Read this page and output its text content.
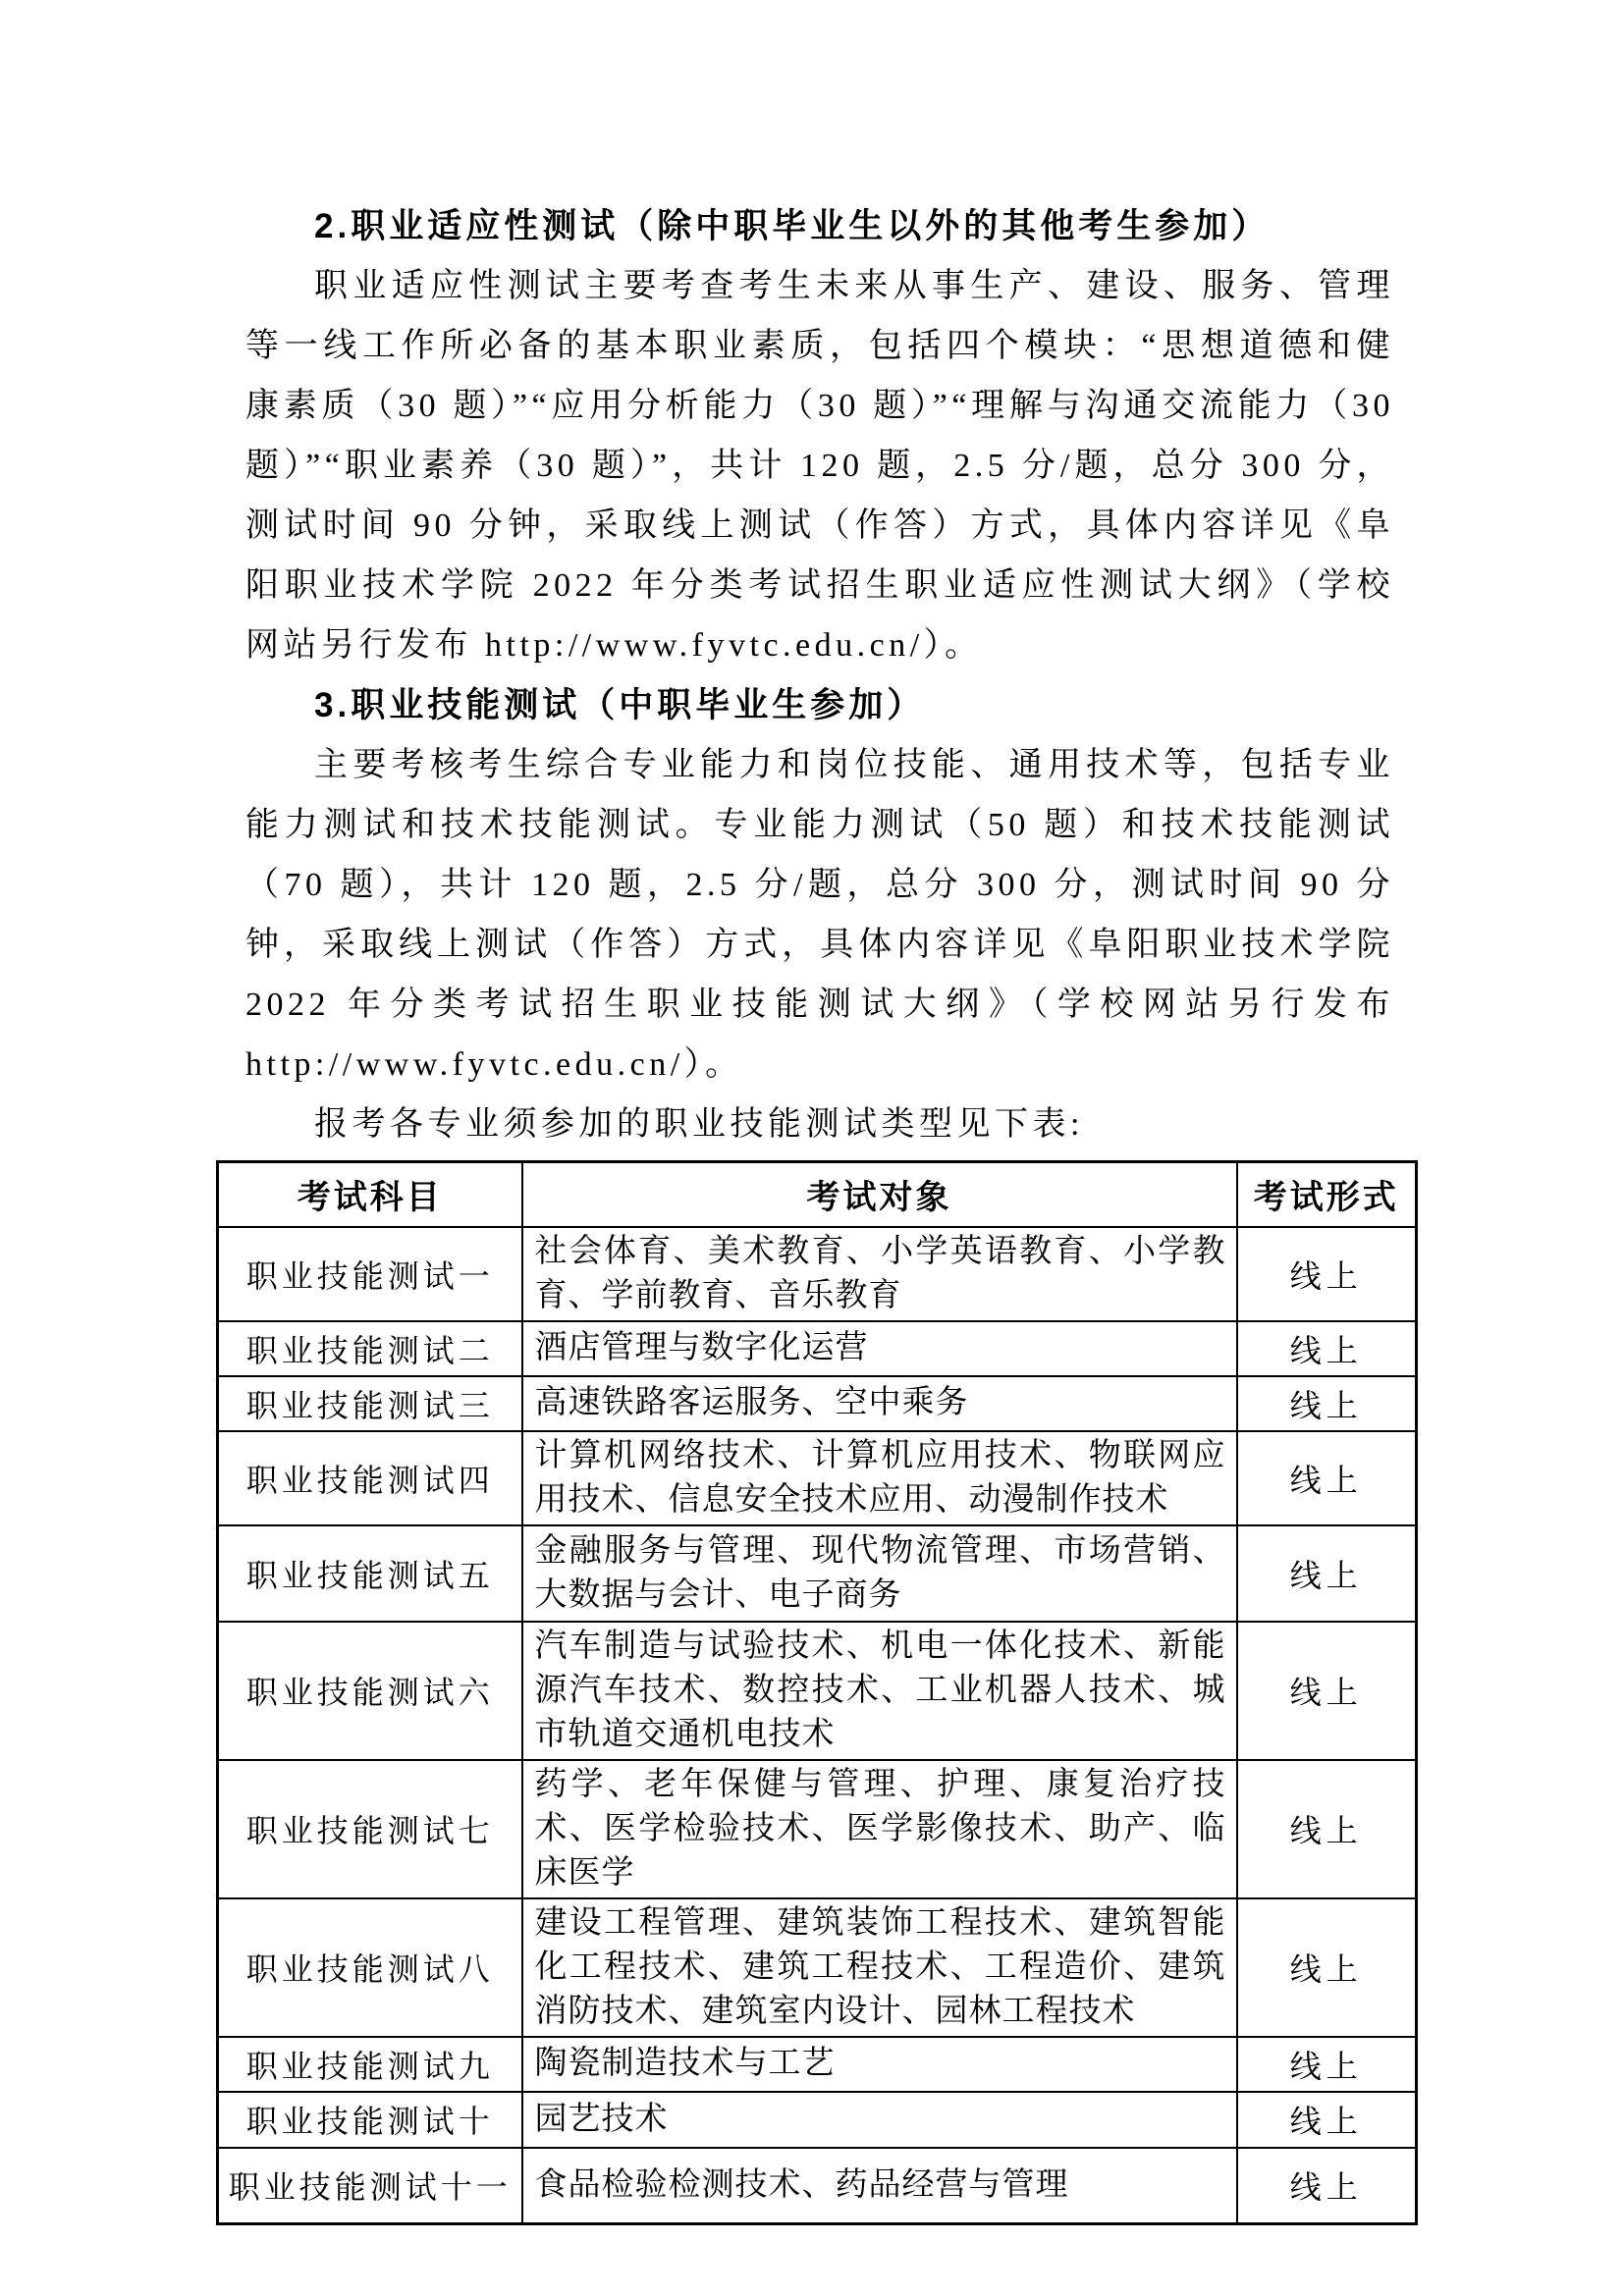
2.职业适应性测试（除中职毕业生以外的其他考生参加）

职业适应性测试主要考查考生未来从事生产、建设、服务、管理等一线工作所必备的基本职业素质，包括四个模块：“思想道德和健康素质（30 题）”“应用分析能力（30 题）”“理解与沟通交流能力（30 题）”“职业素养（30 题）”，共计 120 题，2.5 分/题，总分 300 分，测试时间 90 分钟，采取线上测试（作答）方式，具体内容详见《阜阳职业技术学院 2022 年分类考试招生职业适应性测试大纲》（学校网站另行发布 http://www.fyvtc.edu.cn/）。

3.职业技能测试（中职毕业生参加）

主要考核考生综合专业能力和岗位技能、通用技术等，包括专业能力测试和技术技能测试。专业能力测试（50 题）和技术技能测试（70 题），共计 120 题，2.5 分/题，总分 300 分，测试时间 90 分钟，采取线上测试（作答）方式，具体内容详见《阜阳职业技术学院 2022 年分类考试招生职业技能测试大纲》（学校网站另行发布 http://www.fyvtc.edu.cn/）。

报考各专业须参加的职业技能测试类型见下表:

考试科目	考试对象	考试形式
职业技能测试一	社会体育、美术教育、小学英语教育、小学教育、学前教育、音乐教育	线上
职业技能测试二	酒店管理与数字化运营	线上
职业技能测试三	高速铁路客运服务、空中乘务	线上
职业技能测试四	计算机网络技术、计算机应用技术、物联网应用技术、信息安全技术应用、动漫制作技术	线上
职业技能测试五	金融服务与管理、现代物流管理、市场营销、大数据与会计、电子商务	线上
职业技能测试六	汽车制造与试验技术、机电一体化技术、新能源汽车技术、数控技术、工业机器人技术、城市轨道交通机电技术	线上
职业技能测试七	药学、老年保健与管理、护理、康复治疗技术、医学检验技术、医学影像技术、助产、临床医学	线上
职业技能测试八	建设工程管理、建筑装饰工程技术、建筑智能化工程技术、建筑工程技术、工程造价、建筑消防技术、建筑室内设计、园林工程技术	线上
职业技能测试九	陶瓷制造技术与工艺	线上
职业技能测试十	园艺技术	线上
职业技能测试十一	食品检验检测技术、药品经营与管理	线上
